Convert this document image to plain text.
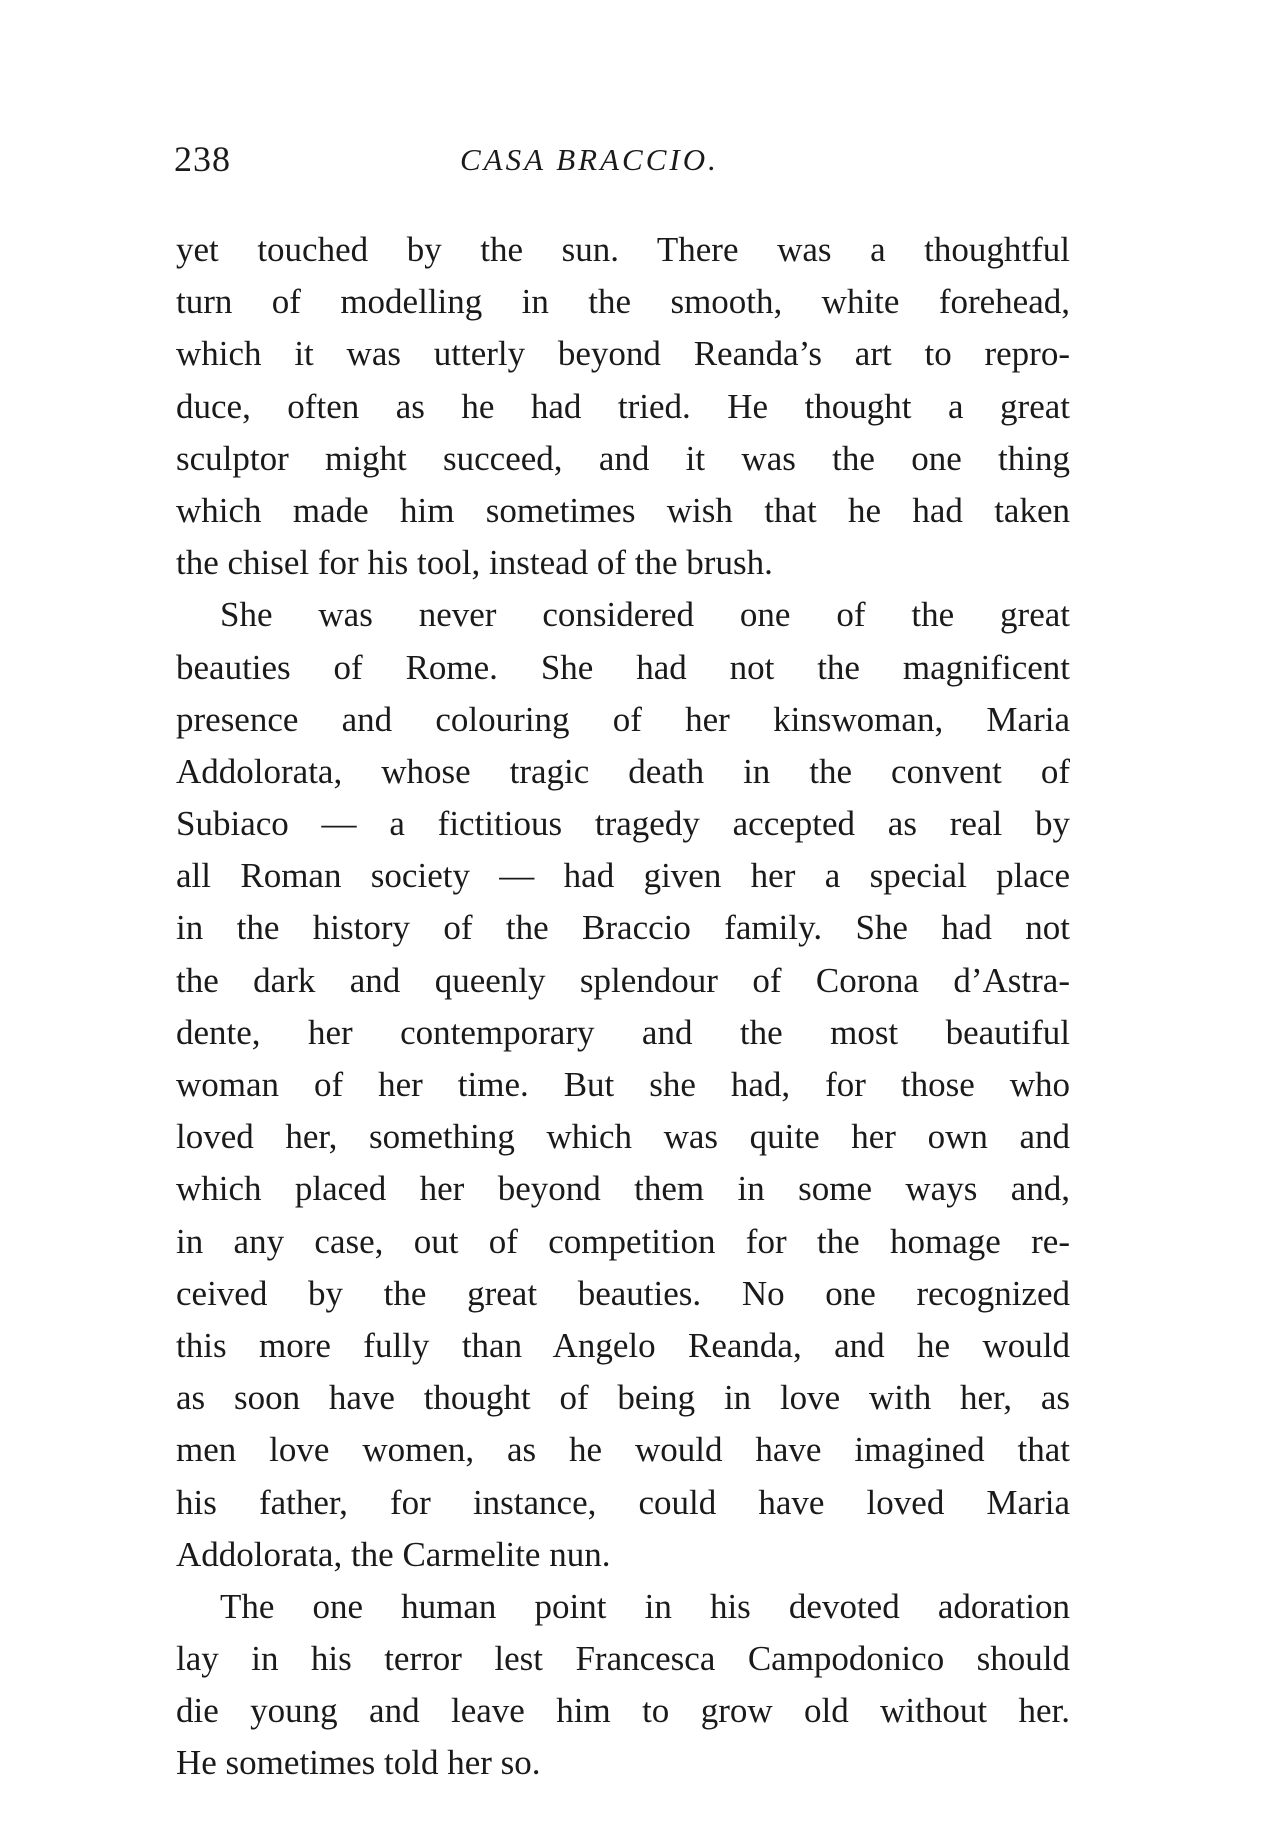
238	CASA BRACCIO.
yet touched by the sun. There was a thoughtful
turn of modelling in the smooth, white forehead,
which it was utterly beyond Reanda’s art to repro-
duce, often as he had tried. He thought a great
sculptor might succeed, and it was the one thing
which made him sometimes wish that he had taken
the chisel for his tool, instead of the brush.
She was never considered one of the great
beauties of Rome. She had not the magnificent
presence and colouring of her kinswoman, Maria
Addolorata, whose tragic death in the convent of
Subiaco — a fictitious tragedy accepted as real by
all Roman society — had given her a special place
in the history of the Braccio family. She had not
the dark and queenly splendour of Corona d’Astra-
dente, her contemporary and the most beautiful
woman of her time. But she had, for those who
loved her, something which was quite her own and
which placed her beyond them in some ways and,
in any case, out of competition for the homage re-
ceived by the great beauties. No one recognized
this more fully than Angelo Reanda, and he would
as soon have thought of being in love with her, as
men love women, as he would have imagined that
his father, for instance, could have loved Maria
Addolorata, the Carmelite nun.
The one human point in his devoted adoration
lay in his terror lest Francesca Campodonico should
die young and leave him to grow old without her.
He sometimes told her so.
